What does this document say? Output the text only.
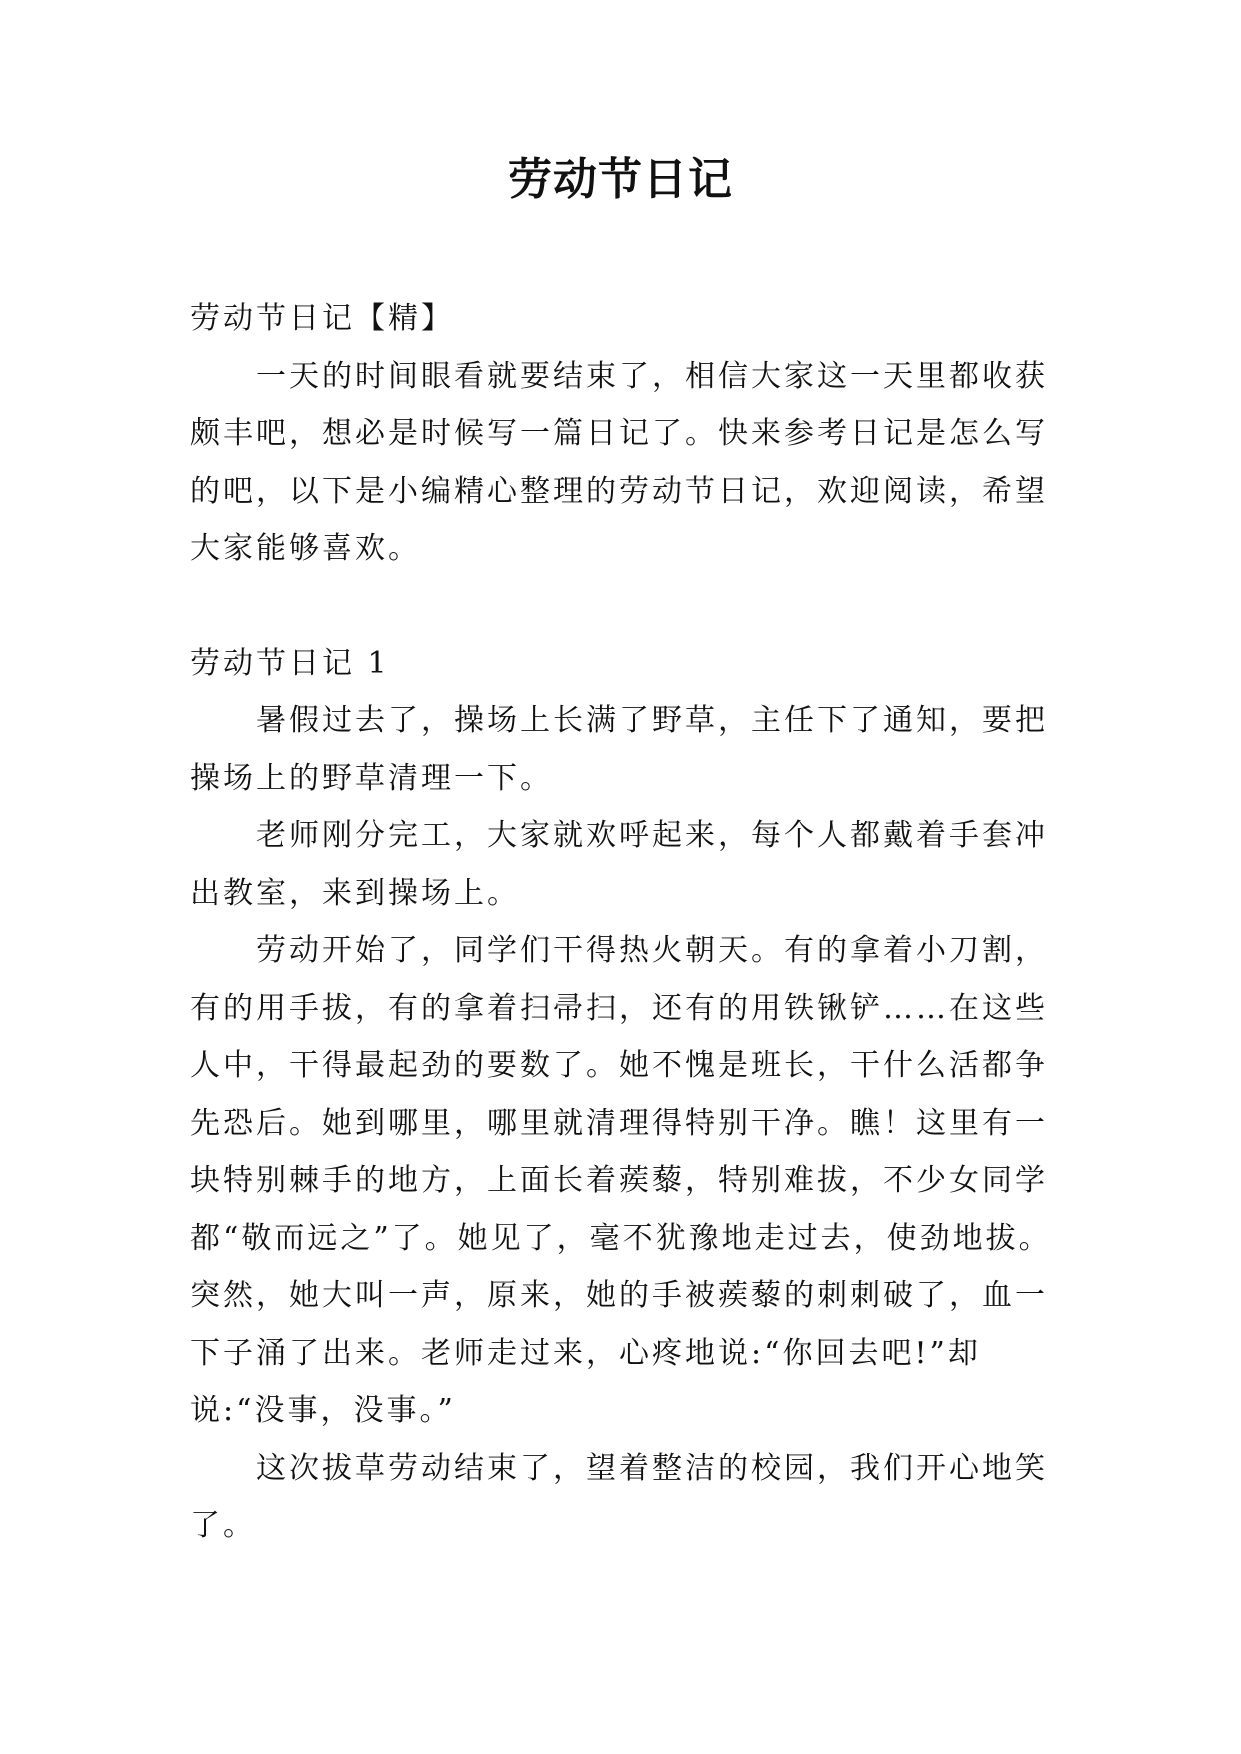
劳动节日记

劳动节日记【精】

一天的时间眼看就要结束了，相信大家这一天里都收获颇丰吧，想必是时候写一篇日记了。快来参考日记是怎么写的吧，以下是小编精心整理的劳动节日记，欢迎阅读，希望大家能够喜欢。

劳动节日记 1

暑假过去了，操场上长满了野草，主任下了通知，要把操场上的野草清理一下。

老师刚分完工，大家就欢呼起来，每个人都戴着手套冲出教室，来到操场上。

劳动开始了，同学们干得热火朝天。有的拿着小刀割，有的用手拔，有的拿着扫帚扫，还有的用铁锹铲……在这些人中，干得最起劲的要数了。她不愧是班长，干什么活都争先恐后。她到哪里，哪里就清理得特别干净。瞧！这里有一块特别棘手的地方，上面长着蒺藜，特别难拔，不少女同学都“敬而远之”了。她见了，毫不犹豫地走过去，使劲地拔。突然，她大叫一声，原来，她的手被蒺藜的刺刺破了，血一下子涌了出来。老师走过来，心疼地说:“你回去吧!”却说:“没事，没事。”

这次拔草劳动结束了，望着整洁的校园，我们开心地笑了。
